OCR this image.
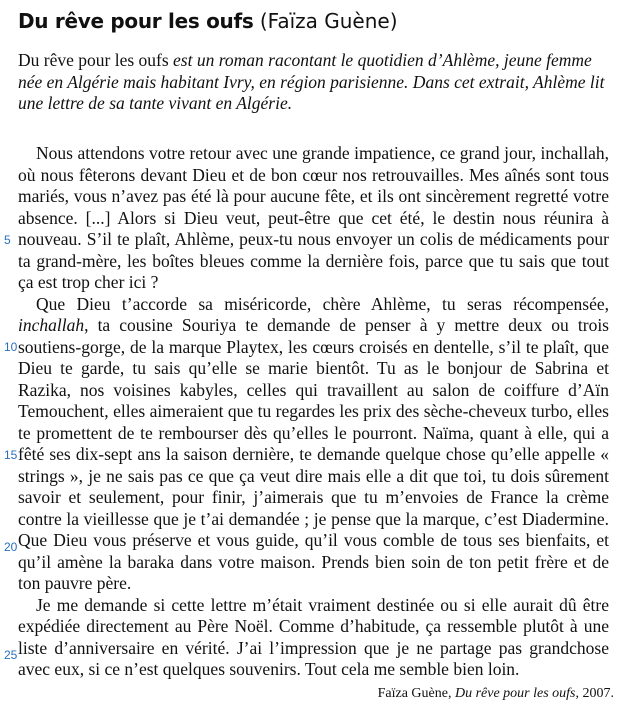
Du rêve pour les oufs (Faïza Guène)

Du rêve pour les oufs est un roman racontant le quotidien d’Ahlème, jeune femme née en Algérie mais habitant Ivry, en région parisienne. Dans cet extrait, Ahlème lit une lettre de sa tante vivant en Algérie.

Nous attendons votre retour avec une grande impatience, ce grand jour, inchallah, où nous fêterons devant Dieu et de bon cœur nos retrouvailles. Mes aînés sont tous mariés, vous n’avez pas été là pour aucune fête, et ils ont sincèrement regretté votre absence. [...] Alors si Dieu veut, peut-être que cet été, le destin nous réunira à nouveau. S’il te plaît, Ahlème, peux-tu nous envoyer un colis de médicaments pour ta grand-mère, les boîtes bleues comme la dernière fois, parce que tu sais que tout ça est trop cher ici ?

Que Dieu t’accorde sa miséricorde, chère Ahlème, tu seras récompensée, inchallah, ta cousine Souriya te demande de penser à y mettre deux ou trois soutiens-gorge, de la marque Playtex, les cœurs croisés en dentelle, s’il te plaît, que Dieu te garde, tu sais qu’elle se marie bientôt. Tu as le bonjour de Sabrina et Razika, nos voisines kabyles, celles qui travaillent au salon de coiffure d’Aïn Temouchent, elles aimeraient que tu regardes les prix des sèche-cheveux turbo, elles te promettent de te rembourser dès qu’elles le pourront. Naïma, quant à elle, qui a fêté ses dix-sept ans la saison dernière, te demande quelque chose qu’elle appelle « strings », je ne sais pas ce que ça veut dire mais elle a dit que toi, tu dois sûrement savoir et seulement, pour finir, j’aimerais que tu m’envoies de France la crème contre la vieillesse que je t’ai demandée ; je pense que la marque, c’est Diadermine. Que Dieu vous préserve et vous guide, qu’il vous comble de tous ses bienfaits, et qu’il amène la baraka dans votre maison. Prends bien soin de ton petit frère et de ton pauvre père.

Je me demande si cette lettre m’était vraiment destinée ou si elle aurait dû être expédiée directement au Père Noël. Comme d’habitude, ça ressemble plutôt à une liste d’anniversaire en vérité. J’ai l’impression que je ne partage pas grandchose avec eux, si ce n’est quelques souvenirs. Tout cela me semble bien loin.

5
10
15
20
25
Faïza Guène, Du rêve pour les oufs, 2007.
